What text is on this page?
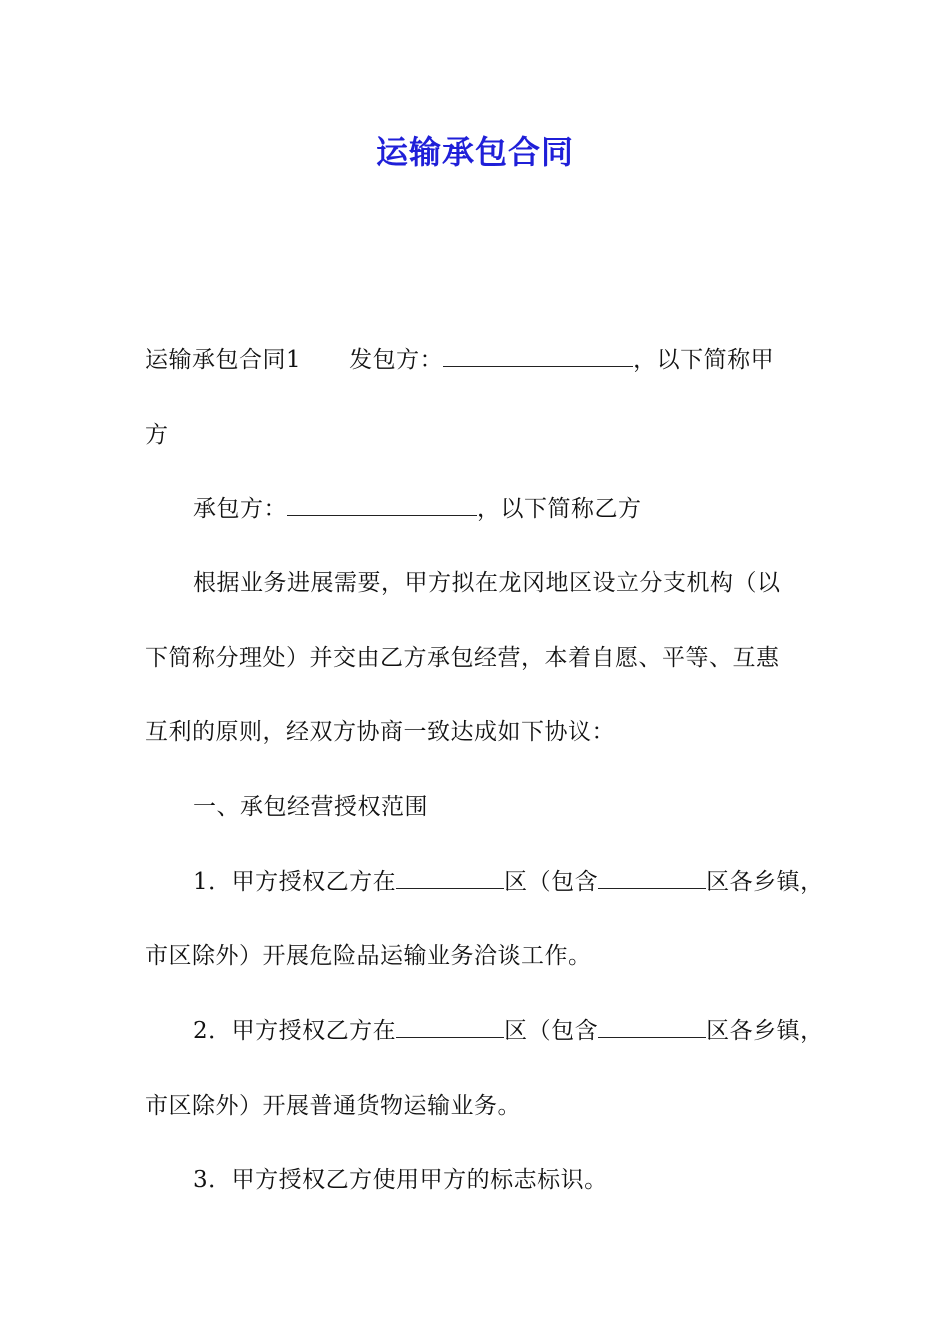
运输承包合同
运输承包合同1 发包方：	，以下简称甲
方
承包方：	，以下简称乙方
根据业务进展需要，甲方拟在龙冈地区设立分支机构（以
下简称分理处）并交由乙方承包经营，本着自愿、平等、互惠
互利的原则，经双方协商一致达成如下协议：
一、承包经营授权范围
1．甲方授权乙方在	区（包含	区各乡镇，
市区除外）开展危险品运输业务洽谈工作。
2．甲方授权乙方在	区（包含	区各乡镇，
市区除外）开展普通货物运输业务。
3．甲方授权乙方使用甲方的标志标识。
